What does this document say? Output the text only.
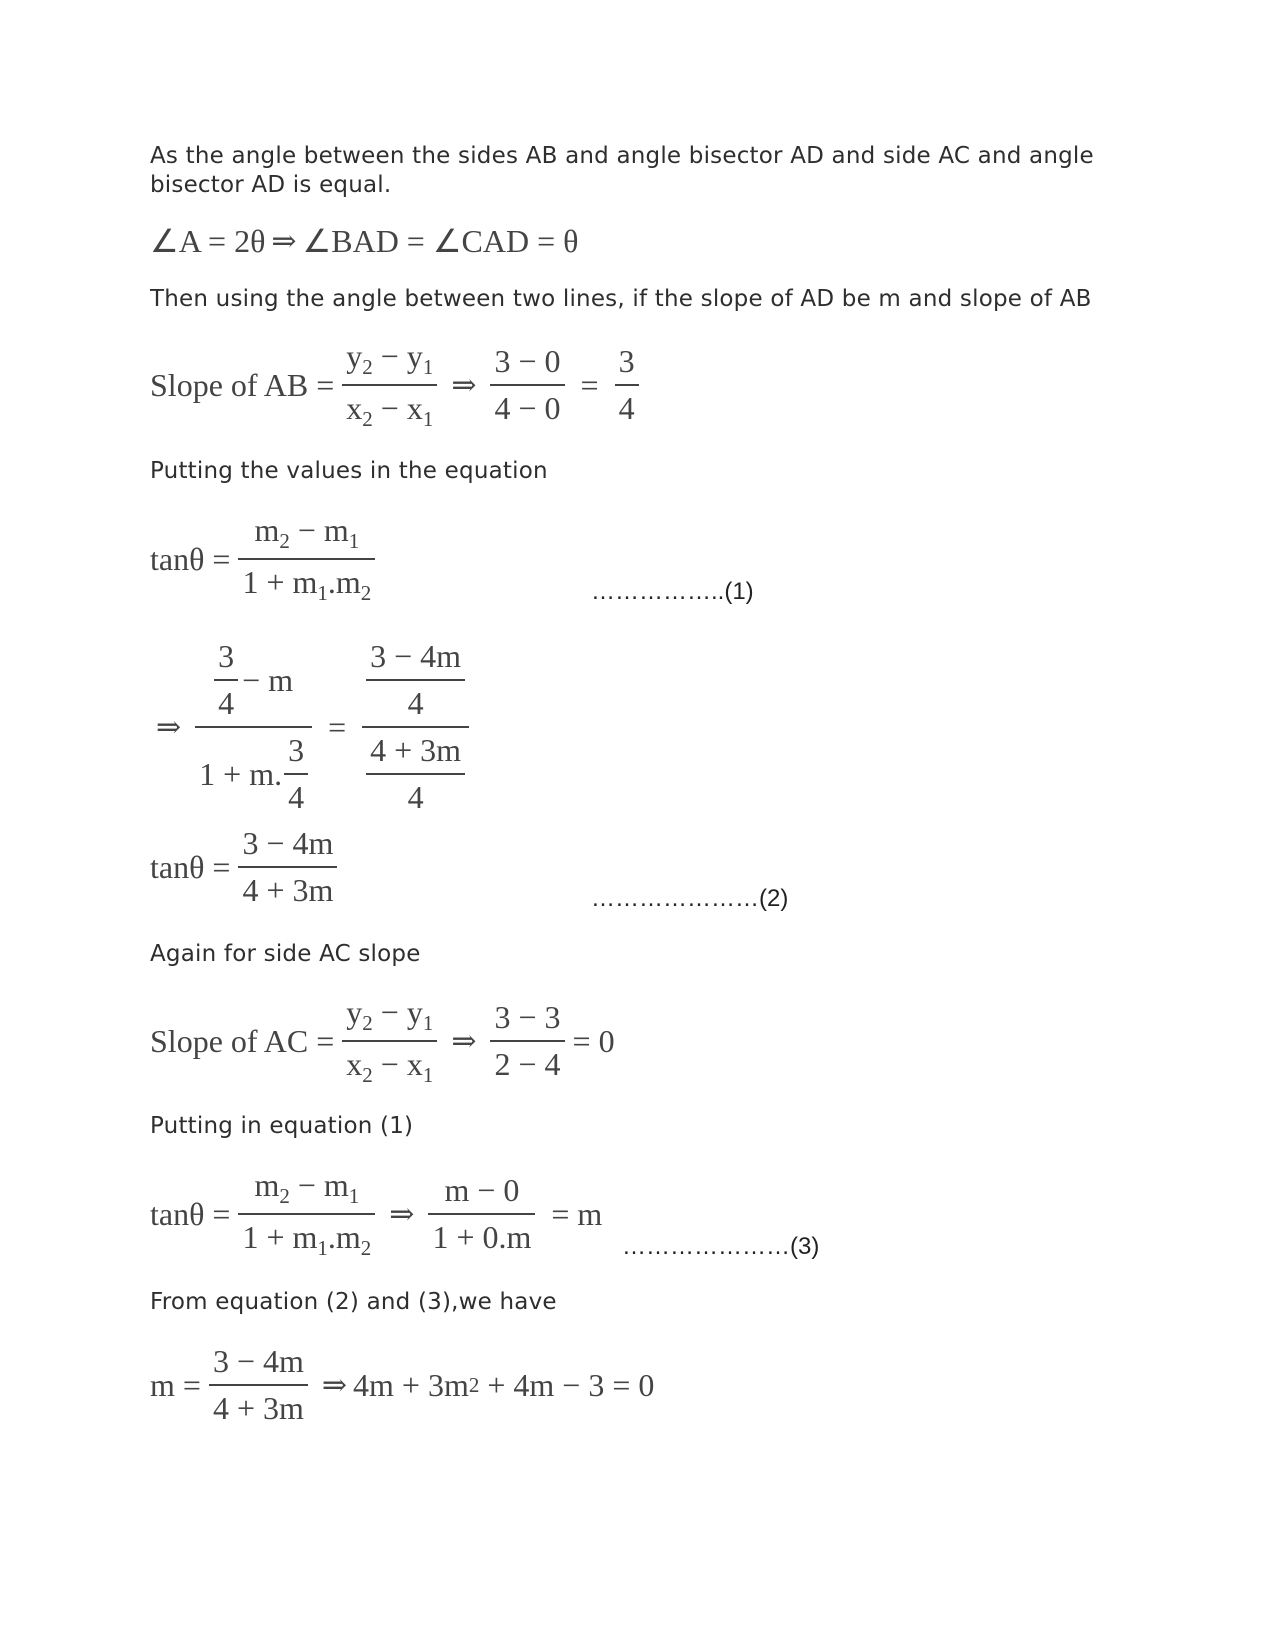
As the angle between the sides AB and angle bisector AD and side AC and angle bisector AD is equal.

∠A = 2θ ⇒ ∠BAD = ∠CAD = θ

Then using the angle between two lines, if the slope of AD be m and slope of AB

Slope of AB = $\frac{y_2 - y_1}{x_2 - x_1}$ ⇒ $\frac{3 - 0}{4 - 0} = \frac{3}{4}$

Putting the values in the equation

$\tan\theta = \frac{m_2 - m_1}{1 + m_1.m_2}$	……………..(1)
⇒ $\frac{\frac{3}{4} - m}{1 + m. \frac{3}{4}} = \frac{\frac{3 - 4m}{4}}{\frac{4 + 3m}{4}}$
$\tan\theta = \frac{3 - 4m}{4 + 3m}$	…………………(2)

Again for side AC slope

Slope of AC = $\frac{y_2 - y_1}{x_2 - x_1}$ ⇒ $\frac{3 - 3}{2 - 4} = 0$

Putting in equation (1)

$\tan\theta = \frac{m_2 - m_1}{1 + m_1.m_2}$ ⇒ $\frac{m - 0}{1 + 0.m} = m$
…………………(3)

From equation (2) and (3),we have

$m = \frac{3 - 4m}{4 + 3m}$ ⇒ 4m + 3m 2 + 4m − 3 = 0
